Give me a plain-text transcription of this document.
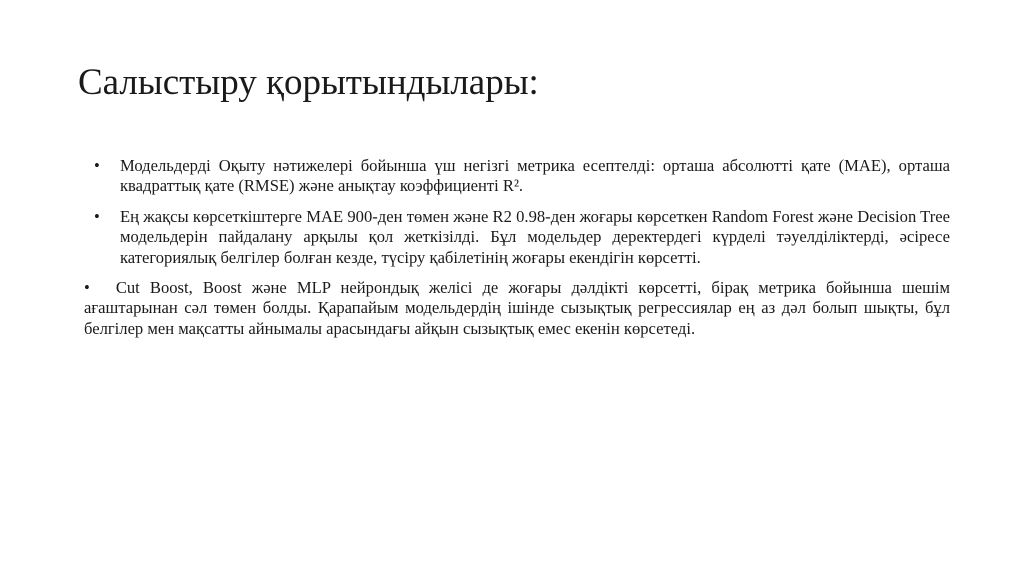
Салыстыру қорытындылары:

• Модельдерді Оқыту нәтижелері бойынша үш негізгі метрика есептелді: орташа абсолютті қате (MAE), орташа квадраттық қате (RMSE) және анықтау коэффициенті R².

• Ең жақсы көрсеткіштерге MAE 900-ден төмен және R2 0.98-ден жоғары көрсеткен Random Forest және Decision Tree модельдерін пайдалану арқылы қол жеткізілді. Бұл модельдер деректердегі күрделі тәуелділіктерді, әсіресе категориялық белгілер болған кезде, түсіру қабілетінің жоғары екендігін көрсетті.

• Cut Boost, Boost және MLP нейрондық желісі де жоғары дәлдікті көрсетті, бірақ метрика бойынша шешім ағаштарынан сәл төмен болды. Қарапайым модельдердің ішінде сызықтық регрессиялар ең аз дәл болып шықты, бұл белгілер мен мақсатты айнымалы арасындағы айқын сызықтық емес екенін көрсетеді.
